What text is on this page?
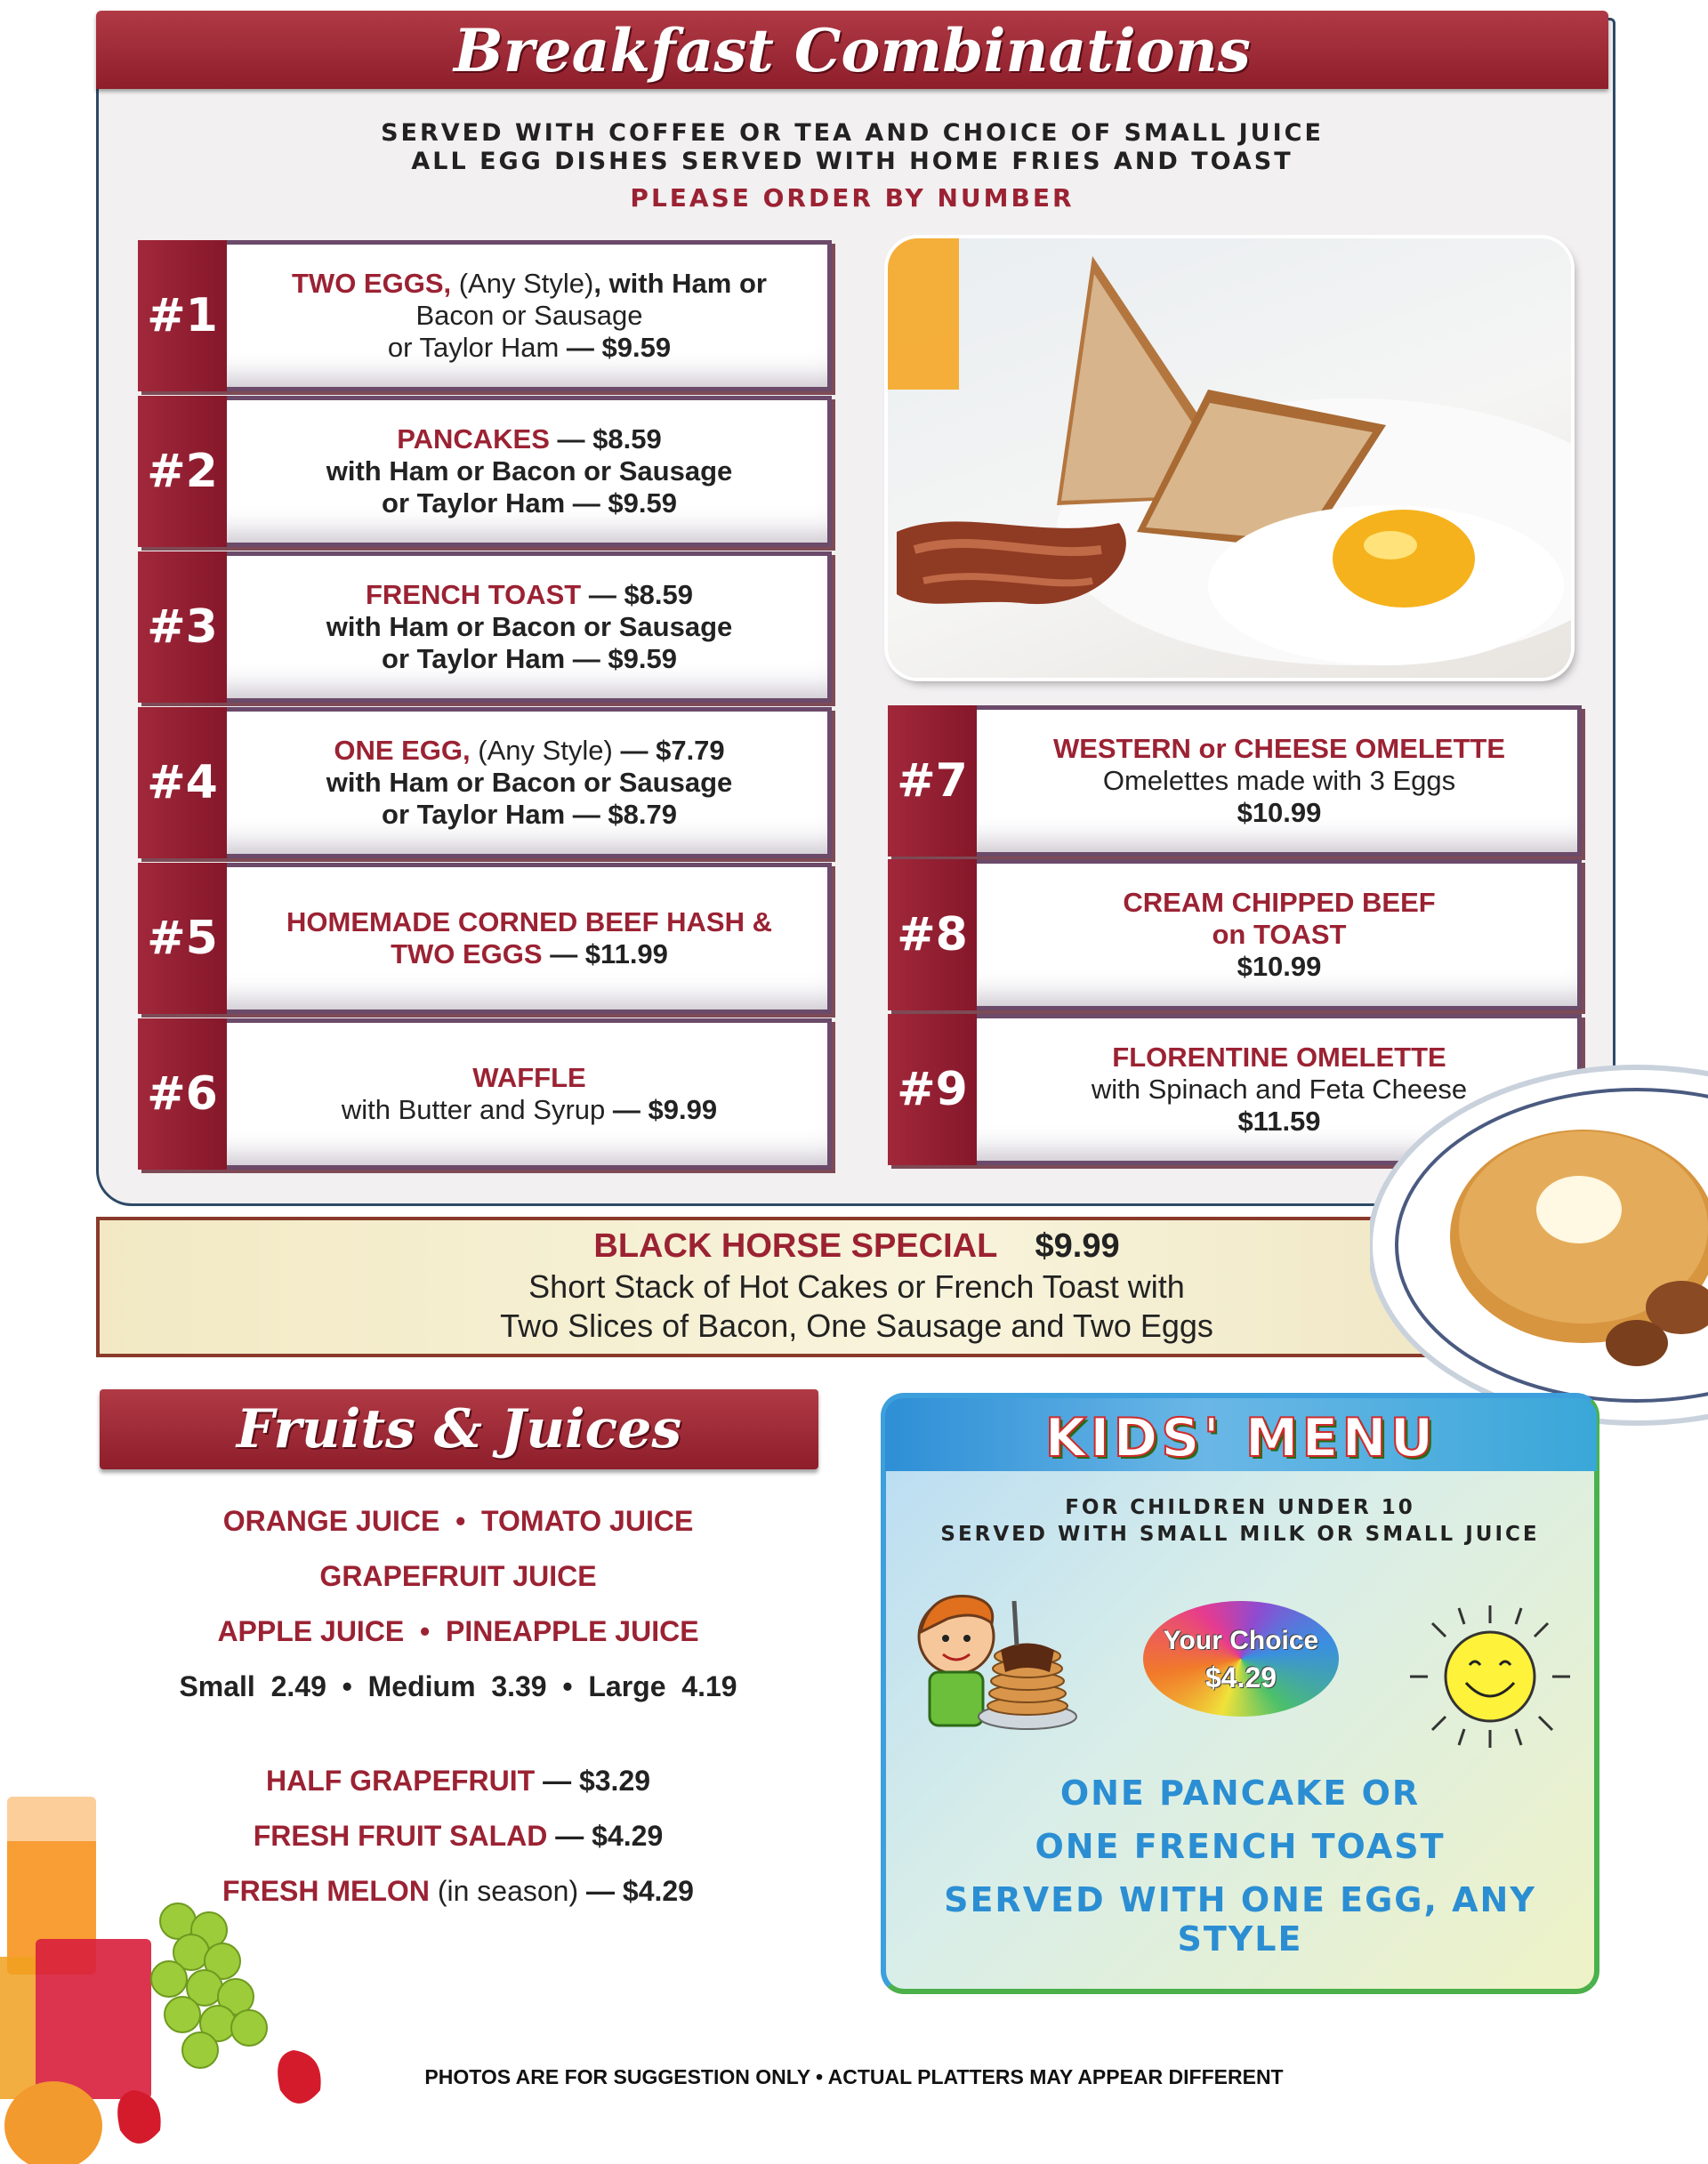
Breakfast Combinations
SERVED WITH COFFEE OR TEA AND CHOICE OF SMALL JUICE
ALL EGG DISHES SERVED WITH HOME FRIES AND TOAST
PLEASE ORDER BY NUMBER
#1
TWO EGGS, (Any Style), with Ham or
Bacon or Sausage
or Taylor Ham — $9.59
#2
PANCAKES — $8.59
with Ham or Bacon or Sausage
or Taylor Ham — $9.59
#3
FRENCH TOAST — $8.59
with Ham or Bacon or Sausage
or Taylor Ham — $9.59
#4
ONE EGG, (Any Style) — $7.79
with Ham or Bacon or Sausage
or Taylor Ham — $8.79
#5	HOMEMADE CORNED BEEF HASH &
TWO EGGS — $11.99
#6	WAFFLE
with Butter and Syrup — $9.99
#7
WESTERN or CHEESE OMELETTE
Omelettes made with 3 Eggs
$10.99
#8
CREAM CHIPPED BEEF
on TOAST
$10.99
#9
FLORENTINE OMELETTE
with Spinach and Feta Cheese
$11.59
BLACK HORSE SPECIAL $9.99
Short Stack of Hot Cakes or French Toast with
Two Slices of Bacon, One Sausage and Two Eggs
Fruits & Juices
ORANGE JUICE  •  TOMATO JUICE
GRAPEFRUIT JUICE
APPLE JUICE  •  PINEAPPLE JUICE
Small  2.49  •  Medium  3.39  •  Large  4.19
HALF GRAPEFRUIT — $3.29
FRESH FRUIT SALAD — $4.29
FRESH MELON (in season) — $4.29
KIDS' MENU
FOR CHILDREN UNDER 10
SERVED WITH SMALL MILK OR SMALL JUICE
Your Choice
$4.29
ONE PANCAKE OR
ONE FRENCH TOAST
SERVED WITH ONE EGG, ANY STYLE
PHOTOS ARE FOR SUGGESTION ONLY • ACTUAL PLATTERS MAY APPEAR DIFFERENT
